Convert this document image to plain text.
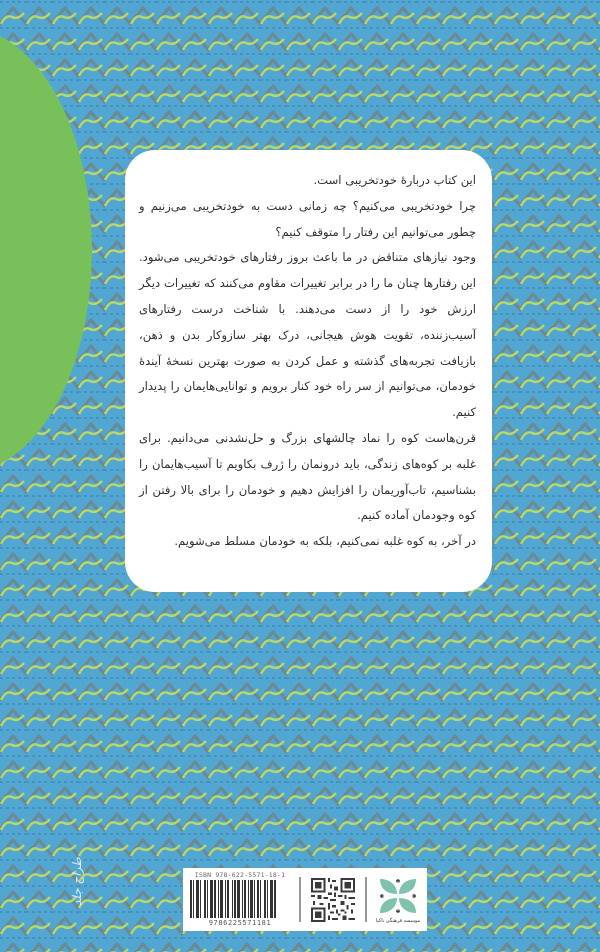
این کتاب دربارهٔ خودتخریبی است.

چرا خودتخریبی می‌کنیم؟ چه زمانی دست به خودتخریبی می‌زنیم و چطور می‌توانیم این رفتار را متوقف کنیم؟

وجود نیازهای متناقض در ما باعث بروز رفتارهای خودتخریبی می‌شود. این رفتارها چنان ما را در برابر تغییرات مقاوم می‌کنند که تغییرات دیگر ارزش خود را از دست می‌دهند. با شناخت درست رفتارهای آسیب‌زننده، تقویت هوش هیجانی، درک بهتر سازوکار بدن و ذهن، بازیافت تجربه‌های گذشته و عمل کردن به صورت بهترین نسخهٔ آیندهٔ خودمان، می‌توانیم از سر راه خود کنار برویم و توانایی‌هایمان را پدیدار کنیم.

قرن‌هاست کوه را نماد چالشهای بزرگ و حل‌نشدنی می‌دانیم. برای غلبه بر کوه‌های زندگی، باید درونمان را ژرف بکاویم تا آسیب‌هایمان را بشناسیم، تاب‌آوریمان را افزایش دهیم و خودمان را برای بالا رفتن از کوه وجودمان آماده کنیم.

در آخر، به کوه غلبه نمی‌کنیم، بلکه به خودمان مسلط می‌شویم.

طراح جلد	ISBN 978-622-5571-18-1
9786225571181	موسسه فرهنگی ناکیا
